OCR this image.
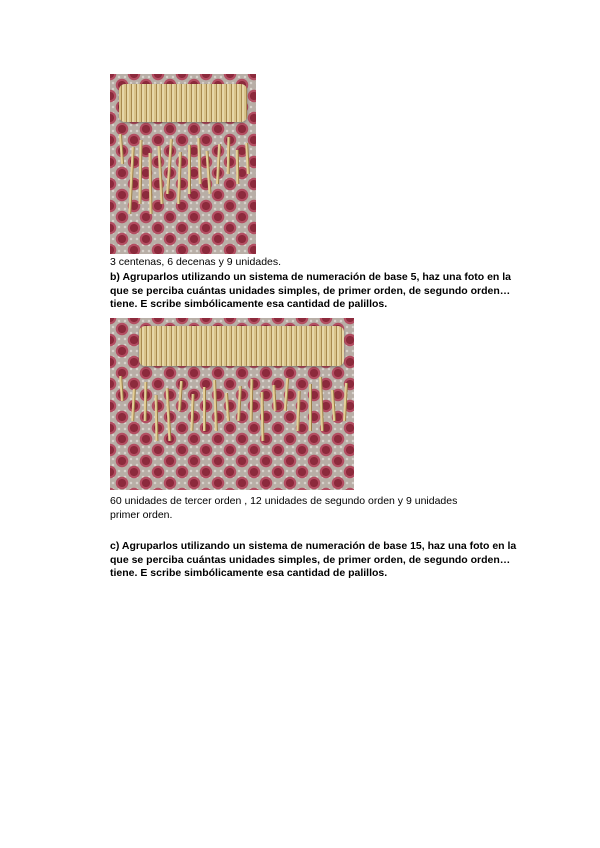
3 centenas, 6 decenas y 9 unidades.

b) Agruparlos utilizando un sistema de numeración de base 5, haz una foto en la que se perciba cuántas unidades simples, de primer orden, de segundo orden… tiene. E scribe simbólicamente esa cantidad de palillos.

60 unidades de tercer orden , 12 unidades de segundo orden y 9 unidades
primer orden.

c) Agruparlos utilizando un sistema de numeración de base 15, haz una foto en la que se perciba cuántas unidades simples, de primer orden, de segundo orden… tiene. E scribe simbólicamente esa cantidad de palillos.
